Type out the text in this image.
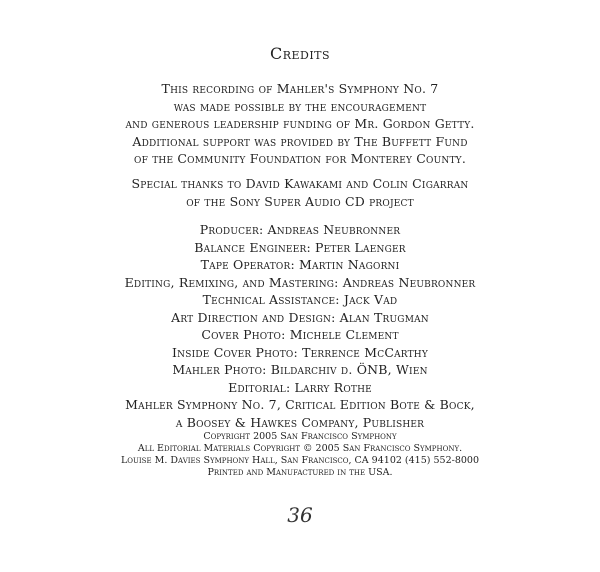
Credits
This recording of Mahler's Symphony No. 7
was made possible by the encouragement
and generous leadership funding of Mr. Gordon Getty.
Additional support was provided by The Buffett Fund
of the Community Foundation for Monterey County.
Special thanks to David Kawakami and Colin Cigarran
of the Sony Super Audio CD project
Producer: Andreas Neubronner
Balance Engineer: Peter Laenger
Tape Operator: Martin Nagorni
Editing, Remixing, and Mastering: Andreas Neubronner
Technical Assistance: Jack Vad
Art Direction and Design: Alan Trugman
Cover Photo: Michele Clement
Inside Cover Photo: Terrence McCarthy
Mahler Photo: Bildarchiv d. ÖNB, Wien
Editorial: Larry Rothe
Mahler Symphony No. 7, Critical Edition Bote & Bock,
a Boosey & Hawkes Company, Publisher
Copyright 2005 San Francisco Symphony
All Editorial Materials Copyright © 2005 San Francisco Symphony.
Louise M. Davies Symphony Hall, San Francisco, CA 94102 (415) 552-8000
Printed and Manufactured in the USA.
36
